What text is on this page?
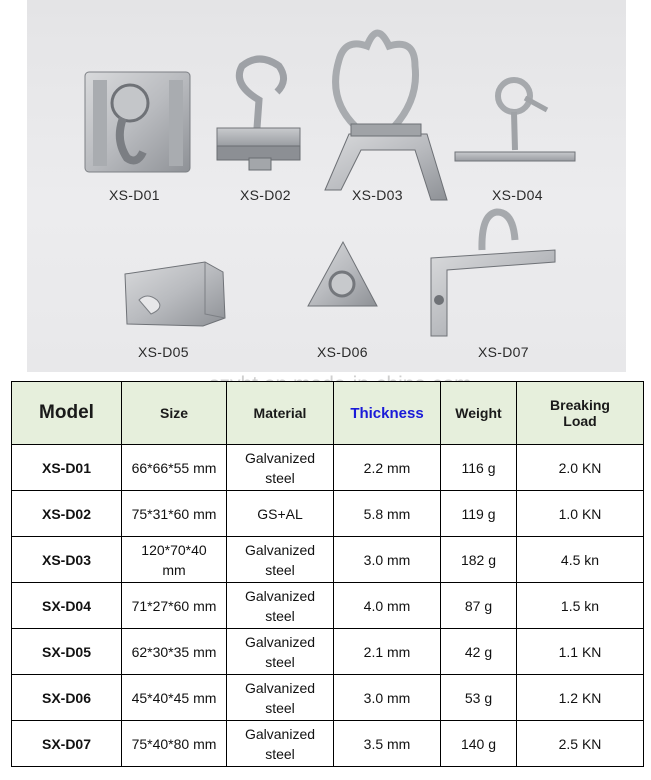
XS-D01	XS-D02	XS-D03	XS-D04
XS-D05	XS-D06	XS-D07
Model	Size	Material	Thickness	Weight	Breaking Load
XS-D01	66*66*55 mm	Galvanized steel	2.2 mm	116 g	2.0 KN
XS-D02	75*31*60 mm	GS+AL	5.8 mm	119 g	1.0 KN
XS-D03	120*70*40 mm	Galvanized steel	3.0 mm	182 g	4.5 kn
SX-D04	71*27*60 mm	Galvanized steel	4.0 mm	87 g	1.5 kn
SX-D05	62*30*35 mm	Galvanized steel	2.1 mm	42 g	1.1 KN
SX-D06	45*40*45 mm	Galvanized steel	3.0 mm	53 g	1.2 KN
SX-D07	75*40*80 mm	Galvanized steel	3.5 mm	140 g	2.5 KN
